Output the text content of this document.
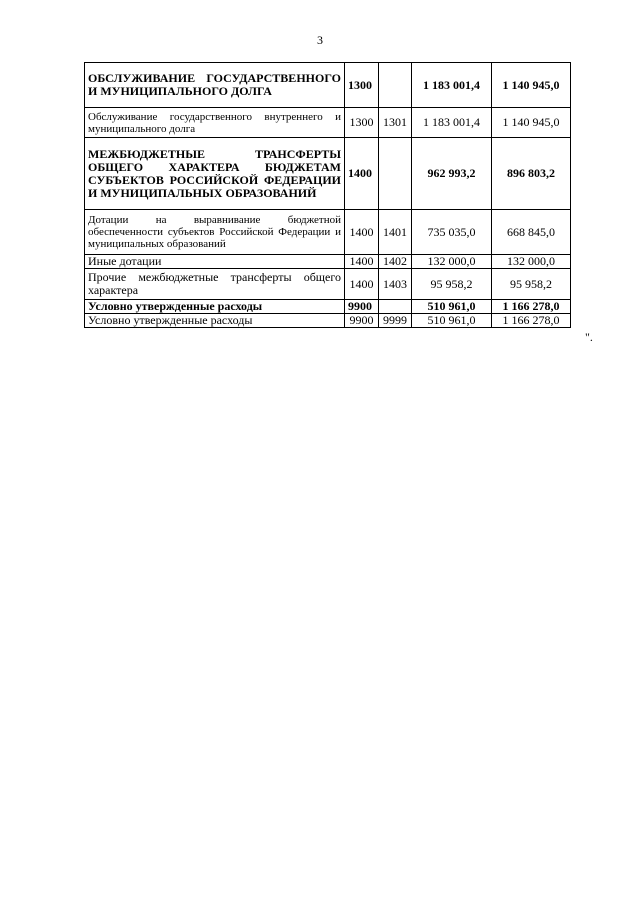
3
ОБСЛУЖИВАНИЕ ГОСУДАРСТВЕННОГО И МУНИЦИПАЛЬНОГО ДОЛГА	1300		1 183 001,4	1 140 945,0
Обслуживание государственного внутреннего и муниципального долга	1300	1301	1 183 001,4	1 140 945,0
МЕЖБЮДЖЕТНЫЕ ТРАНСФЕРТЫ ОБЩЕГО ХАРАКТЕРА БЮДЖЕТАМ СУБЪЕКТОВ РОССИЙСКОЙ ФЕДЕРАЦИИ И МУНИЦИПАЛЬНЫХ ОБРАЗОВАНИЙ	1400		962 993,2	896 803,2
Дотации на выравнивание бюджетной обеспеченности субъектов Российской Федерации и муниципальных образований	1400	1401	735 035,0	668 845,0
Иные дотации	1400	1402	132 000,0	132 000,0
Прочие межбюджетные трансферты общего характера	1400	1403	95 958,2	95 958,2
Условно утвержденные расходы	9900		510 961,0	1 166 278,0
Условно утвержденные расходы	9900	9999	510 961,0	1 166 278,0
".
